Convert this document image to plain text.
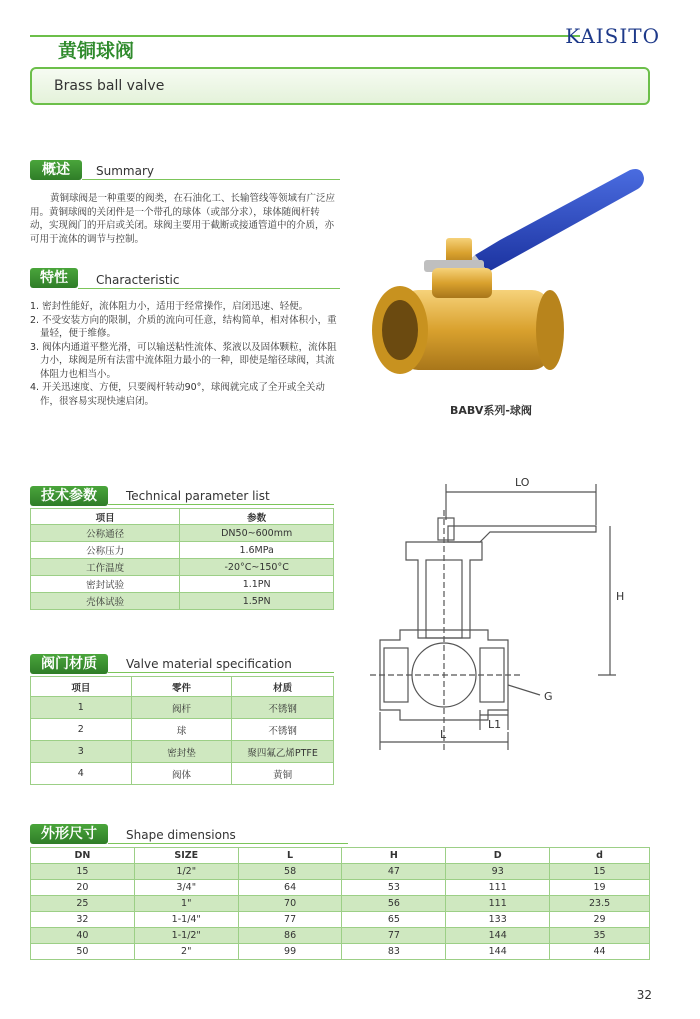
KAISITO
黄铜球阀
Brass ball valve
概述	Summary
黄铜球阀是一种重要的阀类，在石油化工、长输管线等领域有广泛应用。黄铜球阀的关闭件是一个带孔的球体（或部分求），球体随阀杆转动，实现阀门的开启或关闭。球阀主要用于截断或接通管道中的介质，亦可用于流体的调节与控制。
特性	Characteristic
1. 密封性能好，流体阻力小，适用于经常操作，启闭迅速、轻便。
2. 不受安装方向的限制，介质的流向可任意，结构简单，相对体积小，重量轻，便于维修。
3. 阀体内通道平整光滑，可以输送粘性流体、浆液以及固体颗粒，流体阻力小，球阀是所有法雷中流体阻力最小的一种，即使是缩径球阀，其流体阻力也相当小。
4. 开关迅速度、方便，只要阀杆转动90°，球阀就完成了全开或全关动作，很容易实现快速启闭。
BABV系列-球阀
技术参数	Technical parameter list
项目	参数
公称通径	DN50~600mm
公称压力	1.6MPa
工作温度	-20°C~150°C
密封试验	1.1PN
壳体试验	1.5PN
阀门材质	Valve material specification
项目	零件	材质
1	阀杆	不锈钢
2	球	不锈钢
3	密封垫	聚四氟乙烯PTFE
4	阀体	黄铜
LO
H
G
L1
L
外形尺寸	Shape dimensions
DN	SIZE	L	H	D	d
15	1/2"	58	47	93	15
20	3/4"	64	53	111	19
25	1"	70	56	111	23.5
32	1-1/4"	77	65	133	29
40	1-1/2"	86	77	144	35
50	2"	99	83	144	44
32
